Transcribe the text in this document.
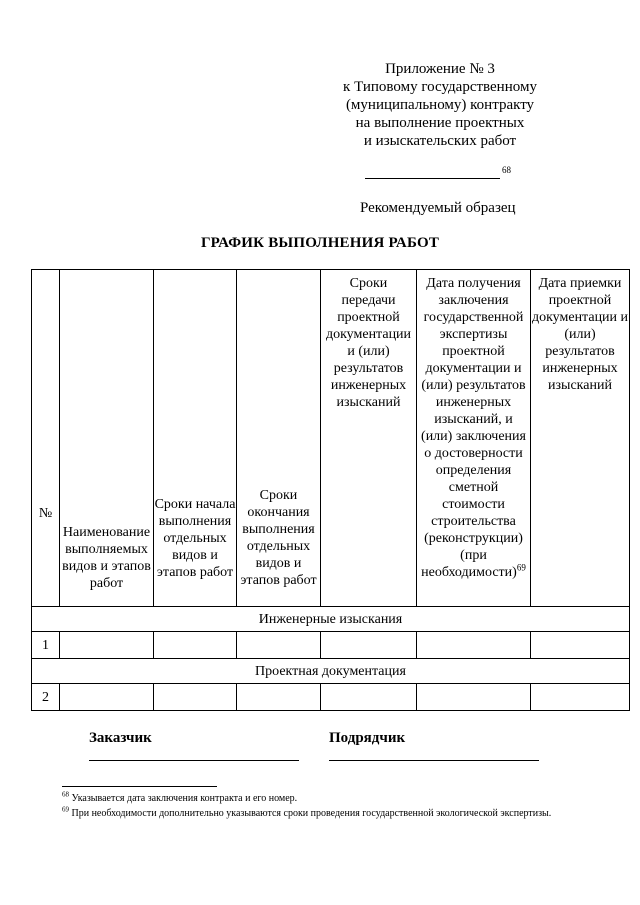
Приложение № 3
к Типовому государственному
(муниципальному) контракту
на выполнение проектных
и изыскательских работ
68
Рекомендуемый образец
ГРАФИК ВЫПОЛНЕНИЯ РАБОТ
№	Наименование выполняемых видов и этапов работ	Сроки начала выполнения отдельных видов и этапов работ	Сроки окончания выполнения отдельных видов и этапов работ	Сроки передачи проектной документации и (или) результатов инженерных изысканий	Дата получения заключения государственной экспертизы проектной документации и (или) результатов инженерных изысканий, и (или) заключения о достоверности определения сметной стоимости строительства (реконструкции) (при необходимости)$^{69}$	Дата приемки проектной документации и (или) результатов инженерных изысканий

Инженерные изыскания						
1						
Проектная документация						
2						
Заказчик	Подрядчик

$^{68}$ Указывается дата заключения контракта и его номер.

$^{69}$ При необходимости дополнительно указываются сроки проведения государственной экологической экспертизы.
